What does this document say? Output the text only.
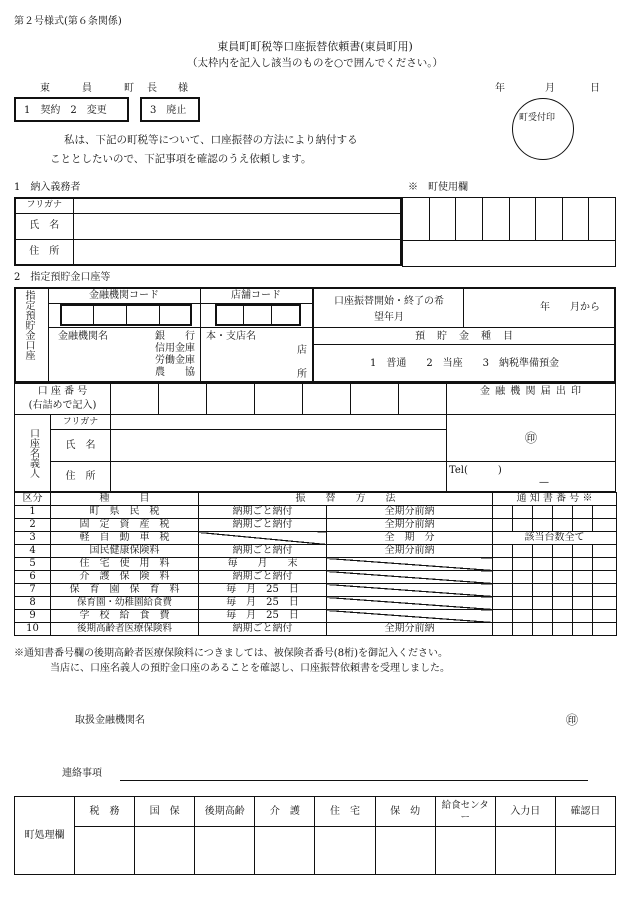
第２号様式(第６条関係)
東員町町税等口座振替依頼書(東員町用)
（太枠内を記入し該当のものを○で囲んでください。）
東	員	町 長 様	年	月	日
1　契約　2　変更	3　廃止
町受付印
私は、下記の町税等について、口座振替の方法により納付する
こととしたいので、下記事項を確認のうえ依頼します。
1　納入義務者	※　町使用欄
フリガナ	
氏　名	
住　所	

2　指定預貯金口座等
指定預貯金口座	金融機関コード	店舗コード
口座振替開始・終了の希望年月
年　　月から
金融機関名	銀　　行
信用金庫
労働金庫
農　　協
本・支店名
店
所
預　貯　金　種　目
1　普通　　2　当座　　3　納税準備預金
口 座 番 号
(右詰めで記入)
								金 融 機 関 届 出 印
口座名義人	フリガナ		㊞
	氏　名		
	住　所		Tel(　　　)
—
区分	種　　　目	振　　替　　方　　法		通 知 書 番 号 ※					
1	町　県　民　税	納期ごと納付	全期分前納						
2	固　定　資　産　税	納期ごと納付	全期分前納						
3	軽　自　動　車　税		全　期　分	該当台数全て					
4	国民健康保険料	納期ごと納付	全期分前納						
5	住　宅　使　用　料	毎　　月　　末							
6	介　護　保　険　料	納期ごと納付							
7	保　育　園　保　育　料	毎　月　25　日							
8	保育園・幼稚園給食費	毎　月　25　日							
9	学　校　給　食　費	毎　月　25　日							
10	後期高齢者医療保険料	納期ごと納付	全期分前納						
※通知書番号欄の後期高齢者医療保険料につきましては、被保険者番号(8桁)を御記入ください。
当店に、口座名義人の預貯金口座のあることを確認し、口座振替依頼書を受理しました。
取扱金融機関名	㊞
連絡事項
町処理欄	税　務	国　保	後期高齢	介　護	住　宅	保　幼	給食センター	入力日	確認日
